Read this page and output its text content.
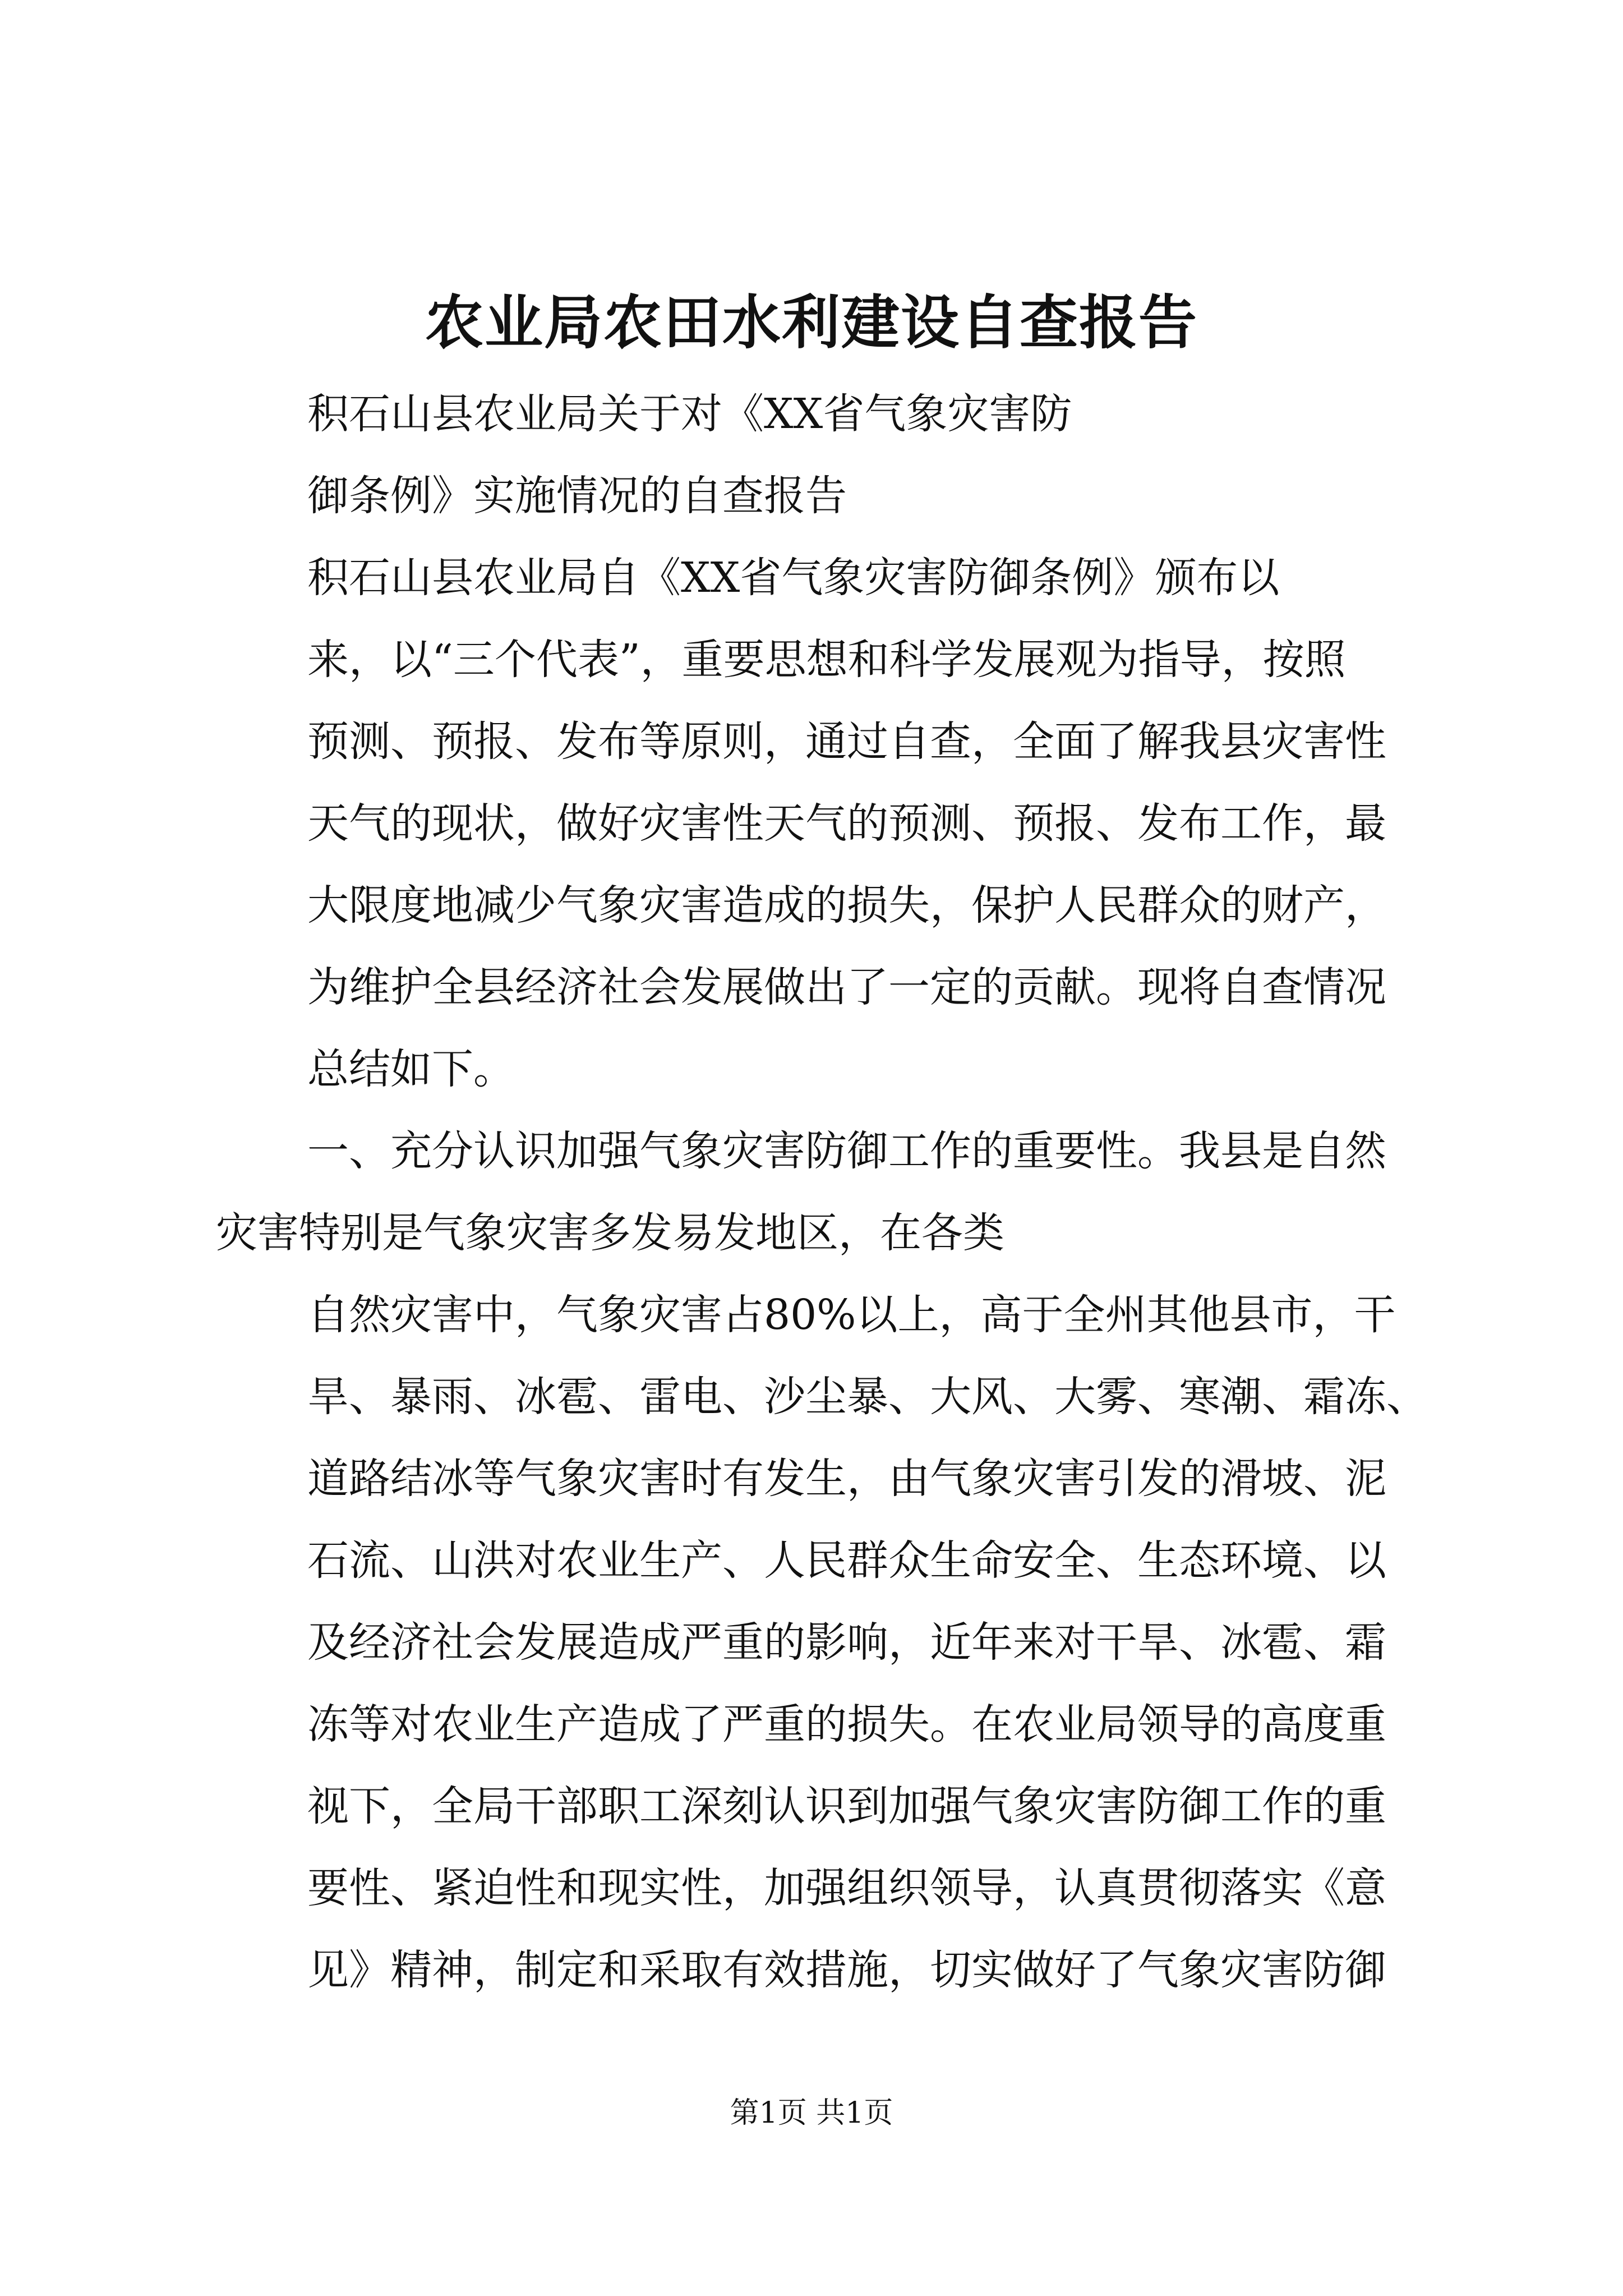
农业局农田水利建设自查报告
积石山县农业局关于对《XX省气象灾害防
御条例》实施情况的自查报告
积石山县农业局自《XX省气象灾害防御条例》颁布以
来，以“三个代表”，重要思想和科学发展观为指导，按照
预测、预报、发布等原则，通过自查，全面了解我县灾害性
天气的现状，做好灾害性天气的预测、预报、发布工作，最
大限度地减少气象灾害造成的损失，保护人民群众的财产，
为维护全县经济社会发展做出了一定的贡献。现将自查情况
总结如下。
一、充分认识加强气象灾害防御工作的重要性。我县是自然
灾害特别是气象灾害多发易发地区，在各类
自然灾害中，气象灾害占80%以上，高于全州其他县市，干
旱、暴雨、冰雹、雷电、沙尘暴、大风、大雾、寒潮、霜冻、
道路结冰等气象灾害时有发生，由气象灾害引发的滑坡、泥
石流、山洪对农业生产、人民群众生命安全、生态环境、以
及经济社会发展造成严重的影响，近年来对干旱、冰雹、霜
冻等对农业生产造成了严重的损失。在农业局领导的高度重
视下，全局干部职工深刻认识到加强气象灾害防御工作的重
要性、紧迫性和现实性，加强组织领导，认真贯彻落实《意
见》精神，制定和采取有效措施，切实做好了气象灾害防御
第1页 共1页
